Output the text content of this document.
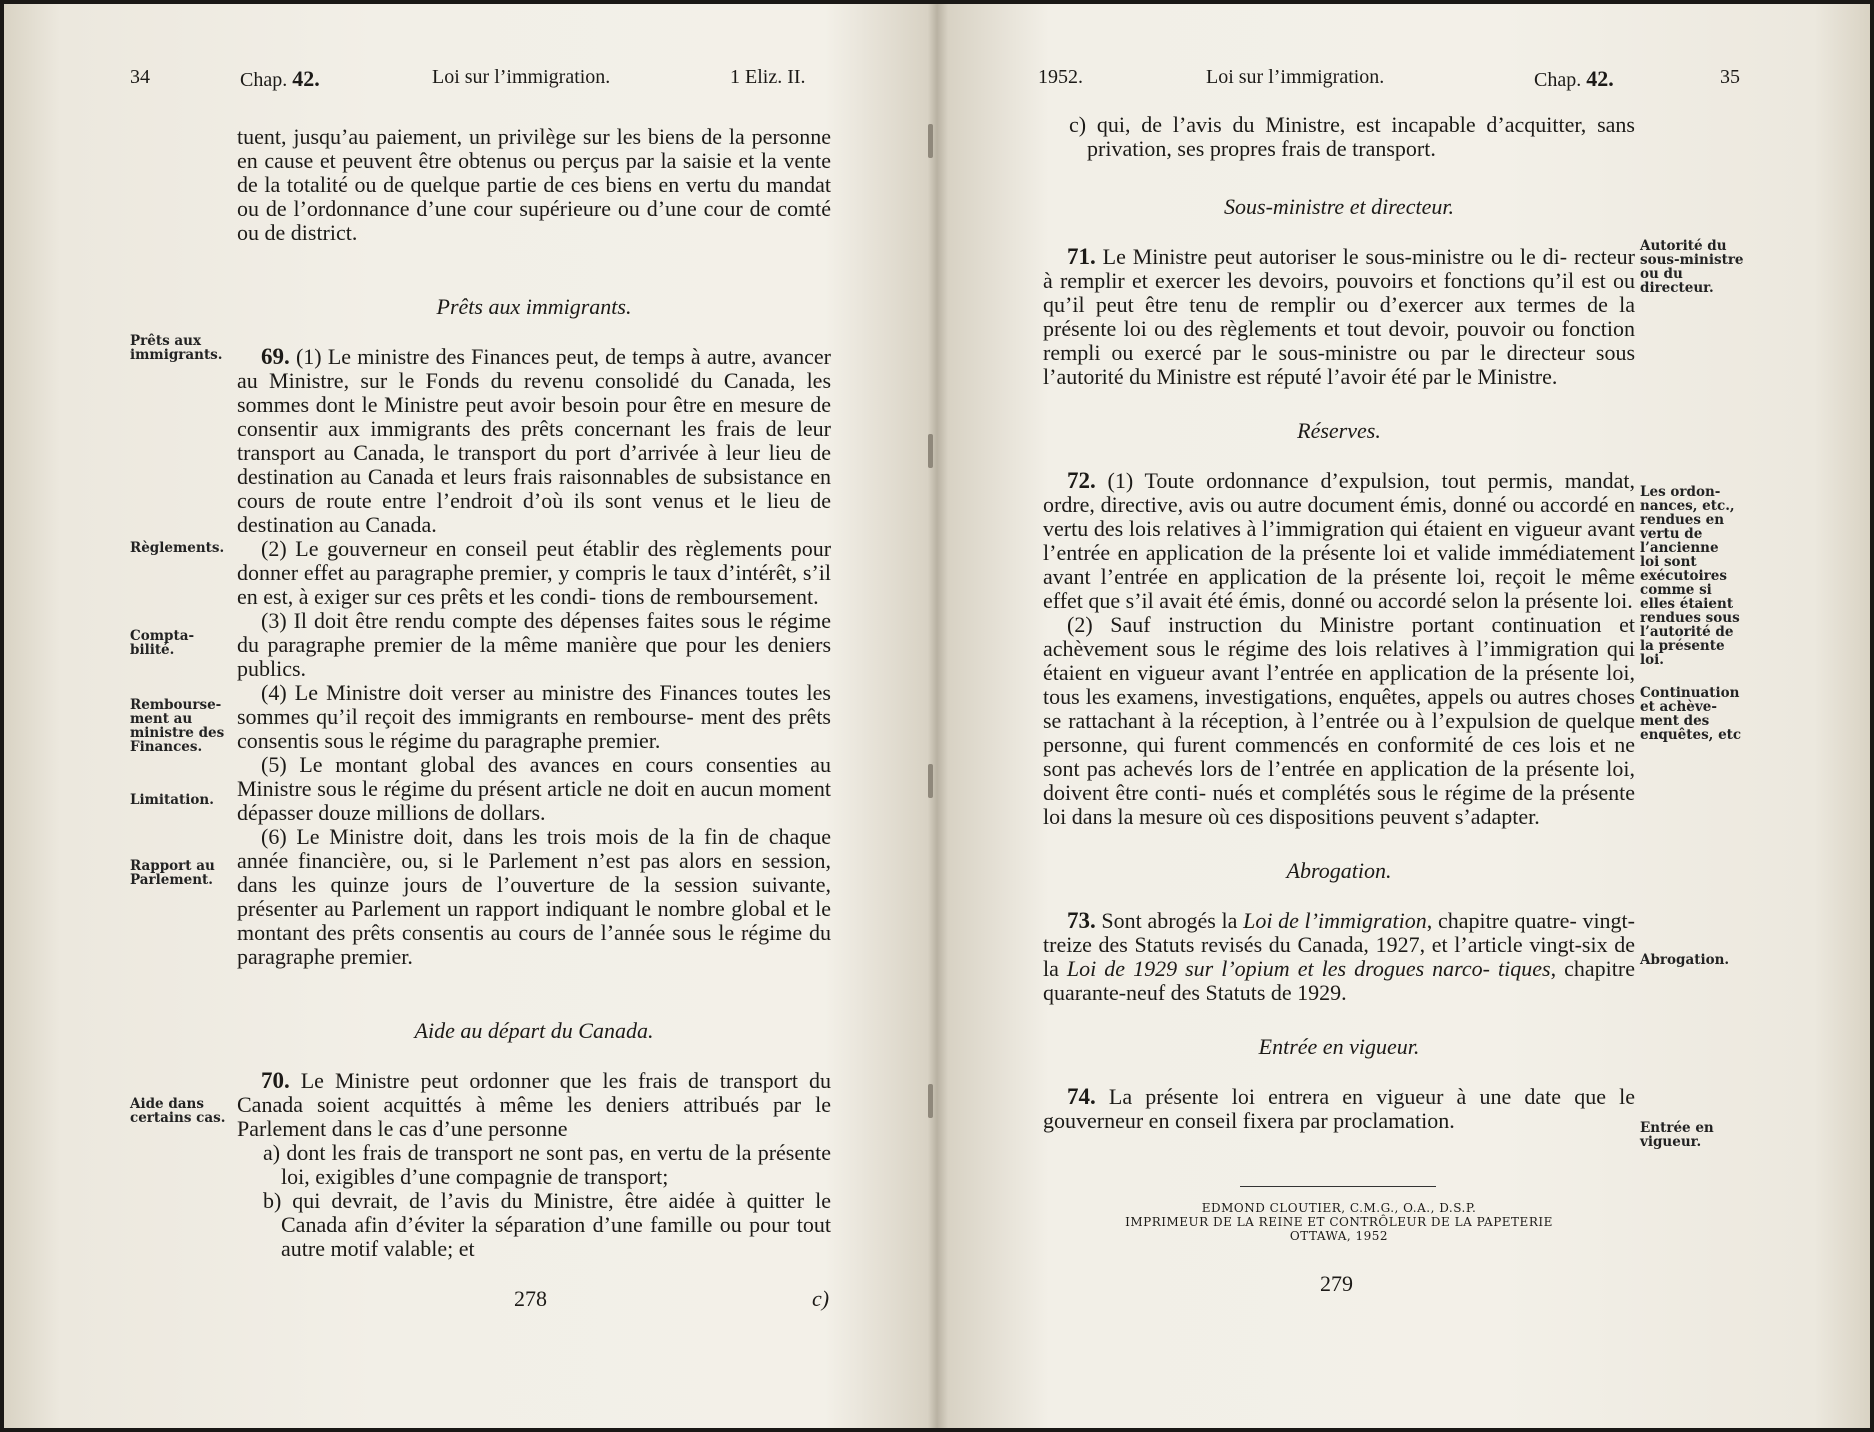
34	Chap. 42.	Loi sur l’immigration.	1 Eliz. II.
Prêts aux
immigrants.
Règlements.
Compta-
bilité.
Rembourse-
ment au
ministre des
Finances.
Limitation.
Rapport au
Parlement.
Aide dans
certains cas.

tuent, jusqu’au paiement, un privilège sur les biens de la personne en cause et peuvent être obtenus ou perçus par la saisie et la vente de la totalité ou de quelque partie de ces biens en vertu du mandat ou de l’ordonnance d’une cour supérieure ou d’une cour de comté ou de district.

Prêts aux immigrants.

69. (1) Le ministre des Finances peut, de temps à autre, avancer au Ministre, sur le Fonds du revenu consolidé du Canada, les sommes dont le Ministre peut avoir besoin pour être en mesure de consentir aux immigrants des prêts concernant les frais de leur transport au Canada, le transport du port d’arrivée à leur lieu de destination au Canada et leurs frais raisonnables de subsistance en cours de route entre l’endroit d’où ils sont venus et le lieu de destination au Canada.

(2) Le gouverneur en conseil peut établir des règlements pour donner effet au paragraphe premier, y compris le taux d’intérêt, s’il en est, à exiger sur ces prêts et les condi- tions de remboursement.

(3) Il doit être rendu compte des dépenses faites sous le régime du paragraphe premier de la même manière que pour les deniers publics.

(4) Le Ministre doit verser au ministre des Finances toutes les sommes qu’il reçoit des immigrants en rembourse- ment des prêts consentis sous le régime du paragraphe premier.

(5) Le montant global des avances en cours consenties au Ministre sous le régime du présent article ne doit en aucun moment dépasser douze millions de dollars.

(6) Le Ministre doit, dans les trois mois de la fin de chaque année financière, ou, si le Parlement n’est pas alors en session, dans les quinze jours de l’ouverture de la session suivante, présenter au Parlement un rapport indiquant le nombre global et le montant des prêts consentis au cours de l’année sous le régime du paragraphe premier.

Aide au départ du Canada.

70. Le Ministre peut ordonner que les frais de transport du Canada soient acquittés à même les deniers attribués par le Parlement dans le cas d’une personne

a) dont les frais de transport ne sont pas, en vertu de la présente loi, exigibles d’une compagnie de transport;

b) qui devrait, de l’avis du Ministre, être aidée à quitter le Canada afin d’éviter la séparation d’une famille ou pour tout autre motif valable; et

278	c)
1952.	Loi sur l’immigration.	Chap. 42.	35
Autorité du
sous-ministre
ou du
directeur.
Les ordon-
nances, etc.,
rendues en
vertu de
l’ancienne
loi sont
exécutoires
comme si
elles étaient
rendues sous
l’autorité de
la présente
loi.
Continuation
et achève-
ment des
enquêtes, etc
Abrogation.
Entrée en
vigueur.

c) qui, de l’avis du Ministre, est incapable d’acquitter, sans privation, ses propres frais de transport.

Sous-ministre et directeur.

71. Le Ministre peut autoriser le sous-ministre ou le di- recteur à remplir et exercer les devoirs, pouvoirs et fonctions qu’il est ou qu’il peut être tenu de remplir ou d’exercer aux termes de la présente loi ou des règlements et tout devoir, pouvoir ou fonction rempli ou exercé par le sous-ministre ou par le directeur sous l’autorité du Ministre est réputé l’avoir été par le Ministre.

Réserves.

72. (1) Toute ordonnance d’expulsion, tout permis, mandat, ordre, directive, avis ou autre document émis, donné ou accordé en vertu des lois relatives à l’immigration qui étaient en vigueur avant l’entrée en application de la présente loi et valide immédiatement avant l’entrée en application de la présente loi, reçoit le même effet que s’il avait été émis, donné ou accordé selon la présente loi.

(2) Sauf instruction du Ministre portant continuation et achèvement sous le régime des lois relatives à l’immigration qui étaient en vigueur avant l’entrée en application de la présente loi, tous les examens, investigations, enquêtes, appels ou autres choses se rattachant à la réception, à l’entrée ou à l’expulsion de quelque personne, qui furent commencés en conformité de ces lois et ne sont pas achevés lors de l’entrée en application de la présente loi, doivent être conti- nués et complétés sous le régime de la présente loi dans la mesure où ces dispositions peuvent s’adapter.

Abrogation.

73. Sont abrogés la Loi de l’immigration, chapitre quatre- vingt-treize des Statuts revisés du Canada, 1927, et l’article vingt-six de la Loi de 1929 sur l’opium et les drogues narco- tiques, chapitre quarante-neuf des Statuts de 1929.

Entrée en vigueur.

74. La présente loi entrera en vigueur à une date que le gouverneur en conseil fixera par proclamation.

EDMOND CLOUTIER, C.M.G., O.A., D.S.P.
IMPRIMEUR DE LA REINE ET CONTRÔLEUR DE LA PAPETERIE
OTTAWA, 1952
279
